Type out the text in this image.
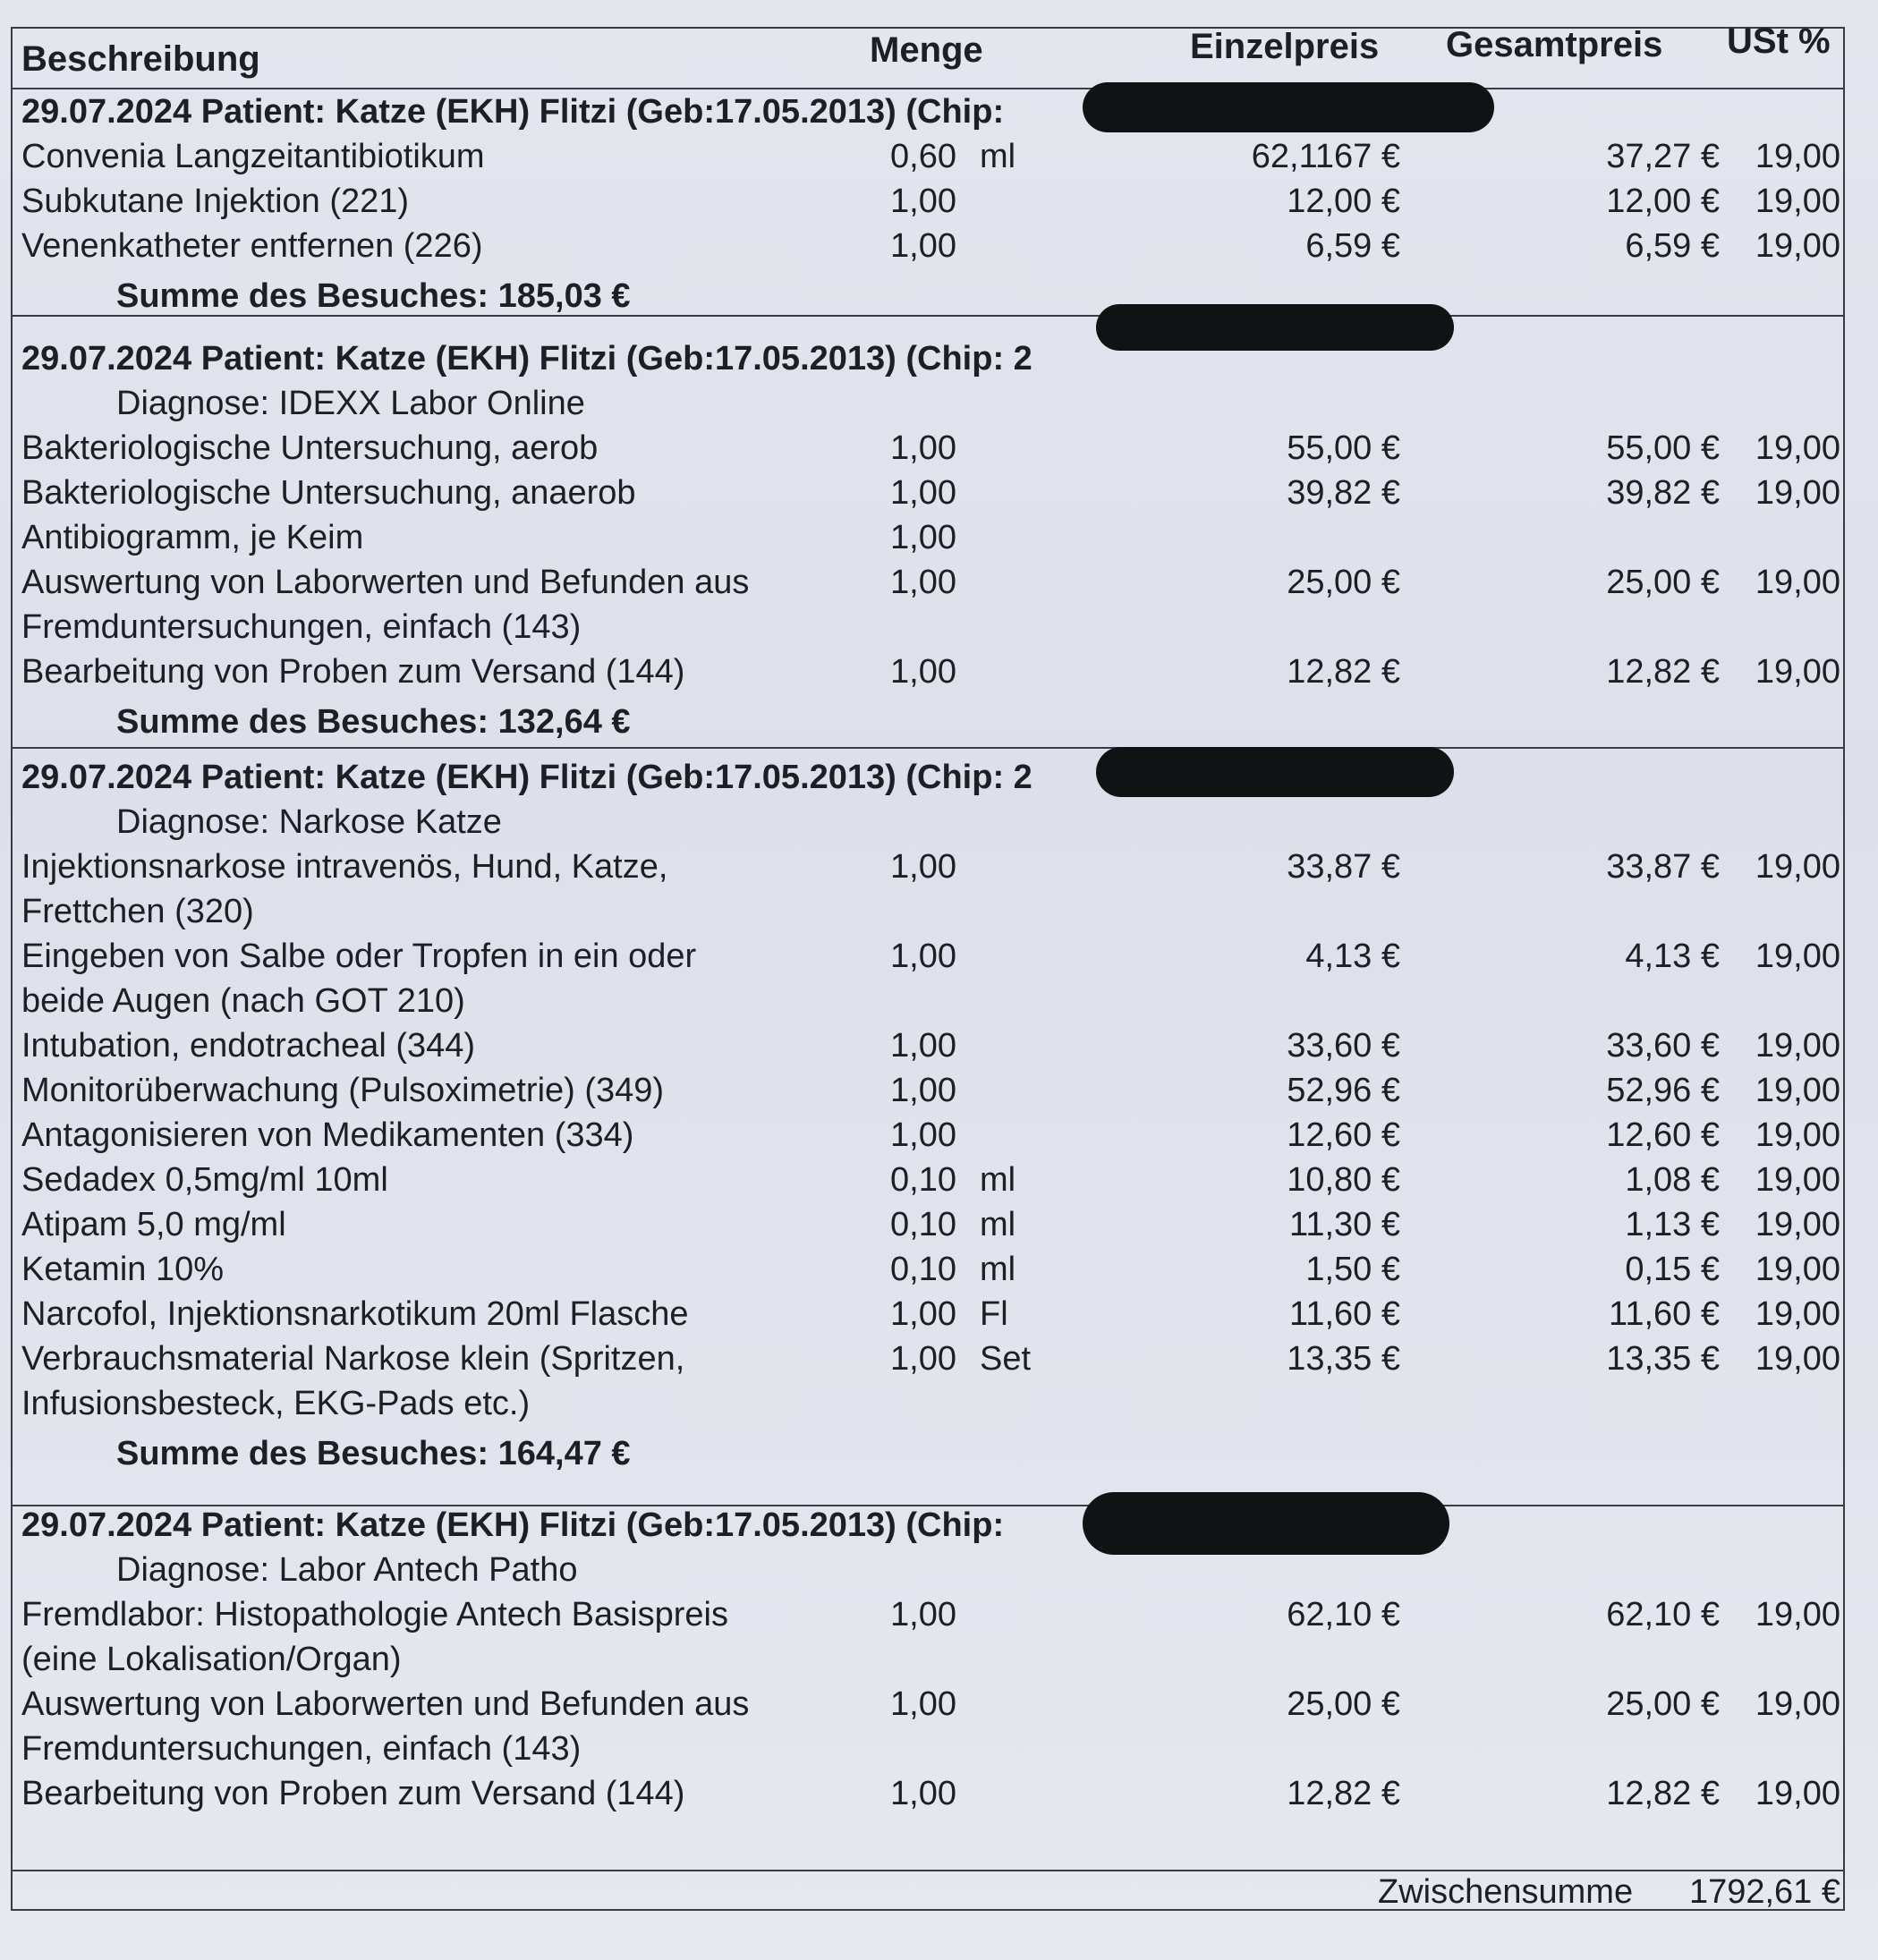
Beschreibung	Menge	Einzelpreis Gesamtpreis USt %
29.07.2024 Patient: Katze (EKH) Flitzi (Geb:17.05.2013) (Chip:
Convenia Langzeitantibiotikum	0,60 ml	62,1167 €	37,27 € 19,00
Subkutane Injektion (221)	1,00	12,00 €	12,00 € 19,00
Venenkatheter entfernen (226)	1,00	6,59 €	6,59 € 19,00
Summe des Besuches: 185,03 €
29.07.2024 Patient: Katze (EKH) Flitzi (Geb:17.05.2013) (Chip: 2
Diagnose: IDEXX Labor Online
Bakteriologische Untersuchung, aerob	1,00	55,00 €	55,00 € 19,00
Bakteriologische Untersuchung, anaerob	1,00	39,82 €	39,82 € 19,00
Antibiogramm, je Keim	1,00
Auswertung von Laborwerten und Befunden aus	1,00	25,00 €	25,00 € 19,00
Fremduntersuchungen, einfach (143)
Bearbeitung von Proben zum Versand (144)	1,00	12,82 €	12,82 € 19,00
Summe des Besuches: 132,64 €
29.07.2024 Patient: Katze (EKH) Flitzi (Geb:17.05.2013) (Chip: 2
Diagnose: Narkose Katze
Injektionsnarkose intravenös, Hund, Katze,	1,00	33,87 €	33,87 € 19,00
Frettchen (320)
Eingeben von Salbe oder Tropfen in ein oder	1,00	4,13 €	4,13 € 19,00
beide Augen (nach GOT 210)
Intubation, endotracheal (344)	1,00	33,60 €	33,60 € 19,00
Monitorüberwachung (Pulsoximetrie) (349)	1,00	52,96 €	52,96 € 19,00
Antagonisieren von Medikamenten (334)	1,00	12,60 €	12,60 € 19,00
Sedadex 0,5mg/ml 10ml	0,10 ml	10,80 €	1,08 € 19,00
Atipam 5,0 mg/ml	0,10 ml	11,30 €	1,13 € 19,00
Ketamin 10%	0,10 ml	1,50 €	0,15 € 19,00
Narcofol, Injektionsnarkotikum 20ml Flasche	1,00 Fl	11,60 €	11,60 € 19,00
Verbrauchsmaterial Narkose klein (Spritzen,	1,00 Set	13,35 €	13,35 € 19,00
Infusionsbesteck, EKG-Pads etc.)
Summe des Besuches: 164,47 €
29.07.2024 Patient: Katze (EKH) Flitzi (Geb:17.05.2013) (Chip:
Diagnose: Labor Antech Patho
Fremdlabor: Histopathologie Antech Basispreis	1,00	62,10 €	62,10 € 19,00
(eine Lokalisation/Organ)
Auswertung von Laborwerten und Befunden aus	1,00	25,00 €	25,00 € 19,00
Fremduntersuchungen, einfach (143)
Bearbeitung von Proben zum Versand (144)	1,00	12,82 €	12,82 € 19,00
Zwischensumme 1792,61 €
